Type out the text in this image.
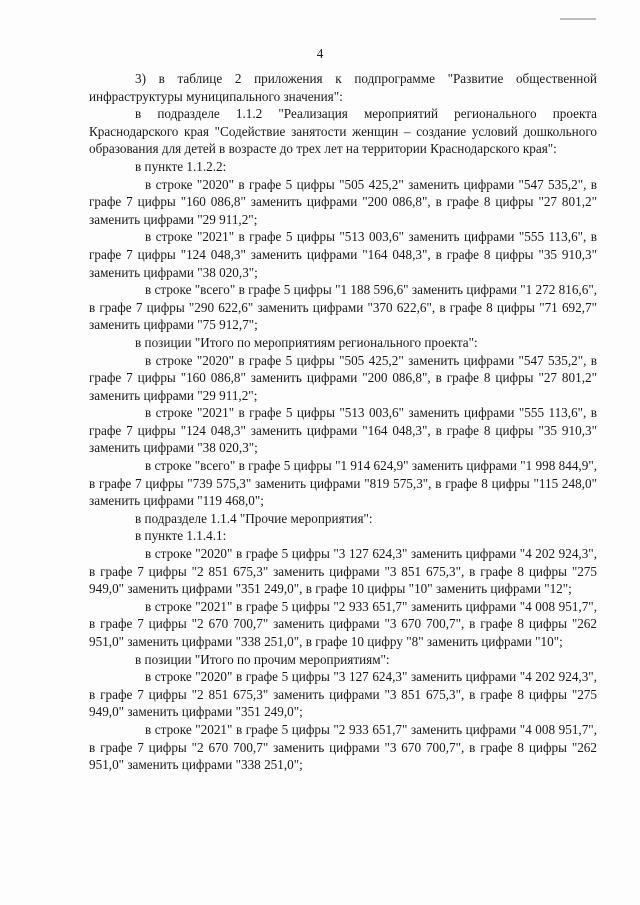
4

3) в таблице 2 приложения к подпрограмме "Развитие общественной инфраструктуры муниципального значения":

в подразделе 1.1.2 "Реализация мероприятий регионального проекта Краснодарского края "Содействие занятости женщин – создание условий дошкольного образования для детей в возрасте до трех лет на территории Краснодарского края":

в пункте 1.1.2.2:

в строке "2020" в графе 5 цифры "505 425,2" заменить цифрами "547 535,2", в графе 7 цифры "160 086,8" заменить цифрами "200 086,8", в графе 8 цифры "27 801,2" заменить цифрами "29 911,2";

в строке "2021" в графе 5 цифры "513 003,6" заменить цифрами "555 113,6", в графе 7 цифры "124 048,3" заменить цифрами "164 048,3", в графе 8 цифры "35 910,3" заменить цифрами "38 020,3";

в строке "всего" в графе 5 цифры "1 188 596,6" заменить цифрами "1 272 816,6", в графе 7 цифры "290 622,6" заменить цифрами "370 622,6", в графе 8 цифры "71 692,7" заменить цифрами "75 912,7";

в позиции "Итого по мероприятиям регионального проекта":

в строке "2020" в графе 5 цифры "505 425,2" заменить цифрами "547 535,2", в графе 7 цифры "160 086,8" заменить цифрами "200 086,8", в графе 8 цифры "27 801,2" заменить цифрами "29 911,2";

в строке "2021" в графе 5 цифры "513 003,6" заменить цифрами "555 113,6", в графе 7 цифры "124 048,3" заменить цифрами "164 048,3", в графе 8 цифры "35 910,3" заменить цифрами "38 020,3";

в строке "всего" в графе 5 цифры "1 914 624,9" заменить цифрами "1 998 844,9", в графе 7 цифры "739 575,3" заменить цифрами "819 575,3", в графе 8 цифры "115 248,0" заменить цифрами "119 468,0";

в подразделе 1.1.4 "Прочие мероприятия":

в пункте 1.1.4.1:

в строке "2020" в графе 5 цифры "3 127 624,3" заменить цифрами "4 202 924,3", в графе 7 цифры "2 851 675,3" заменить цифрами "3 851 675,3", в графе 8 цифры "275 949,0" заменить цифрами "351 249,0", в графе 10 цифры "10" заменить цифрами "12";

в строке "2021" в графе 5 цифры "2 933 651,7" заменить цифрами "4 008 951,7", в графе 7 цифры "2 670 700,7" заменить цифрами "3 670 700,7", в графе 8 цифры "262 951,0" заменить цифрами "338 251,0", в графе 10 цифру "8" заменить цифрами "10";

в позиции "Итого по прочим мероприятиям":

в строке "2020" в графе 5 цифры "3 127 624,3" заменить цифрами "4 202 924,3", в графе 7 цифры "2 851 675,3" заменить цифрами "3 851 675,3", в графе 8 цифры "275 949,0" заменить цифрами "351 249,0";

в строке "2021" в графе 5 цифры "2 933 651,7" заменить цифрами "4 008 951,7", в графе 7 цифры "2 670 700,7" заменить цифрами "3 670 700,7", в графе 8 цифры "262 951,0" заменить цифрами "338 251,0";
